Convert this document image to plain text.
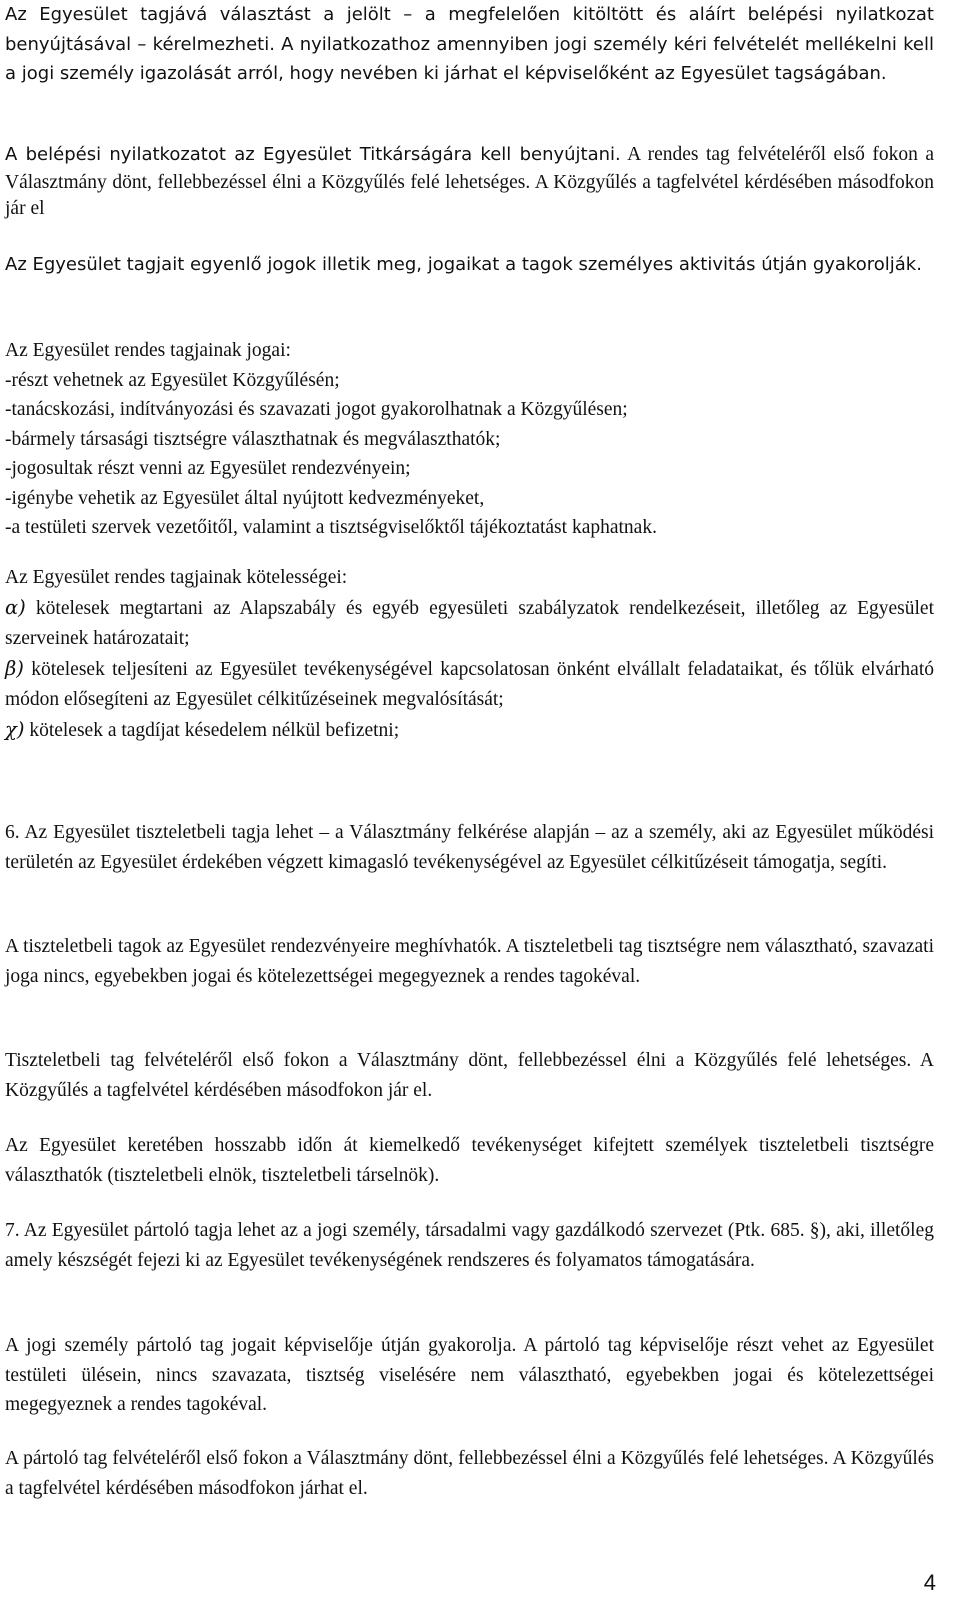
Az Egyesület tagjává választást a jelölt – a megfelelően kitöltött és aláírt belépési nyilatkozat benyújtásával – kérelmezheti. A nyilatkozathoz amennyiben jogi személy kéri felvételét mellékelni kell a jogi személy igazolását arról, hogy nevében ki járhat el képviselőként az Egyesület tagságában.

A belépési nyilatkozatot az Egyesület Titkárságára kell benyújtani. A rendes tag felvételéről első fokon a Választmány dönt, fellebbezéssel élni a Közgyűlés felé lehetséges. A Közgyűlés a tagfelvétel kérdésében másodfokon jár el

Az Egyesület tagjait egyenlő jogok illetik meg, jogaikat a tagok személyes aktivitás útján gyakorolják.

Az Egyesület rendes tagjainak jogai:

-részt vehetnek az Egyesület Közgyűlésén;

-tanácskozási, indítványozási és szavazati jogot gyakorolhatnak a Közgyűlésen;

-bármely társasági tisztségre választhatnak és megválaszthatók;

-jogosultak részt venni az Egyesület rendezvényein;

-igénybe vehetik az Egyesület által nyújtott kedvezményeket,

-a testületi szervek vezetőitől, valamint a tisztségviselőktől tájékoztatást kaphatnak.

Az Egyesület rendes tagjainak kötelességei:

α) kötelesek megtartani az Alapszabály és egyéb egyesületi szabályzatok rendelkezéseit, illetőleg az Egyesület szerveinek határozatait;

β) kötelesek teljesíteni az Egyesület tevékenységével kapcsolatosan önként elvállalt feladataikat, és tőlük elvárható módon elősegíteni az Egyesület célkitűzéseinek megvalósítását;

χ) kötelesek a tagdíjat késedelem nélkül befizetni;

6. Az Egyesület tiszteletbeli tagja lehet – a Választmány felkérése alapján – az a személy, aki az Egyesület működési területén az Egyesület érdekében végzett kimagasló tevékenységével az Egyesület célkitűzéseit támogatja, segíti.

A tiszteletbeli tagok az Egyesület rendezvényeire meghívhatók. A tiszteletbeli tag tisztségre nem választható, szavazati joga nincs, egyebekben jogai és kötelezettségei megegyeznek a rendes tagokéval.

Tiszteletbeli tag felvételéről első fokon a Választmány dönt, fellebbezéssel élni a Közgyűlés felé lehetséges. A Közgyűlés a tagfelvétel kérdésében másodfokon jár el.

Az Egyesület keretében hosszabb időn át kiemelkedő tevékenységet kifejtett személyek tiszteletbeli tisztségre választhatók (tiszteletbeli elnök, tiszteletbeli társelnök).

7. Az Egyesület pártoló tagja lehet az a jogi személy, társadalmi vagy gazdálkodó szervezet (Ptk. 685. §), aki, illetőleg amely készségét fejezi ki az Egyesület tevékenységének rendszeres és folyamatos támogatására.

A jogi személy pártoló tag jogait képviselője útján gyakorolja. A pártoló tag képviselője részt vehet az Egyesület testületi ülésein, nincs szavazata, tisztség viselésére nem választható, egyebekben jogai és kötelezettségei megegyeznek a rendes tagokéval.

A pártoló tag felvételéről első fokon a Választmány dönt, fellebbezéssel élni a Közgyűlés felé lehetséges. A Közgyűlés a tagfelvétel kérdésében másodfokon járhat el.

4
